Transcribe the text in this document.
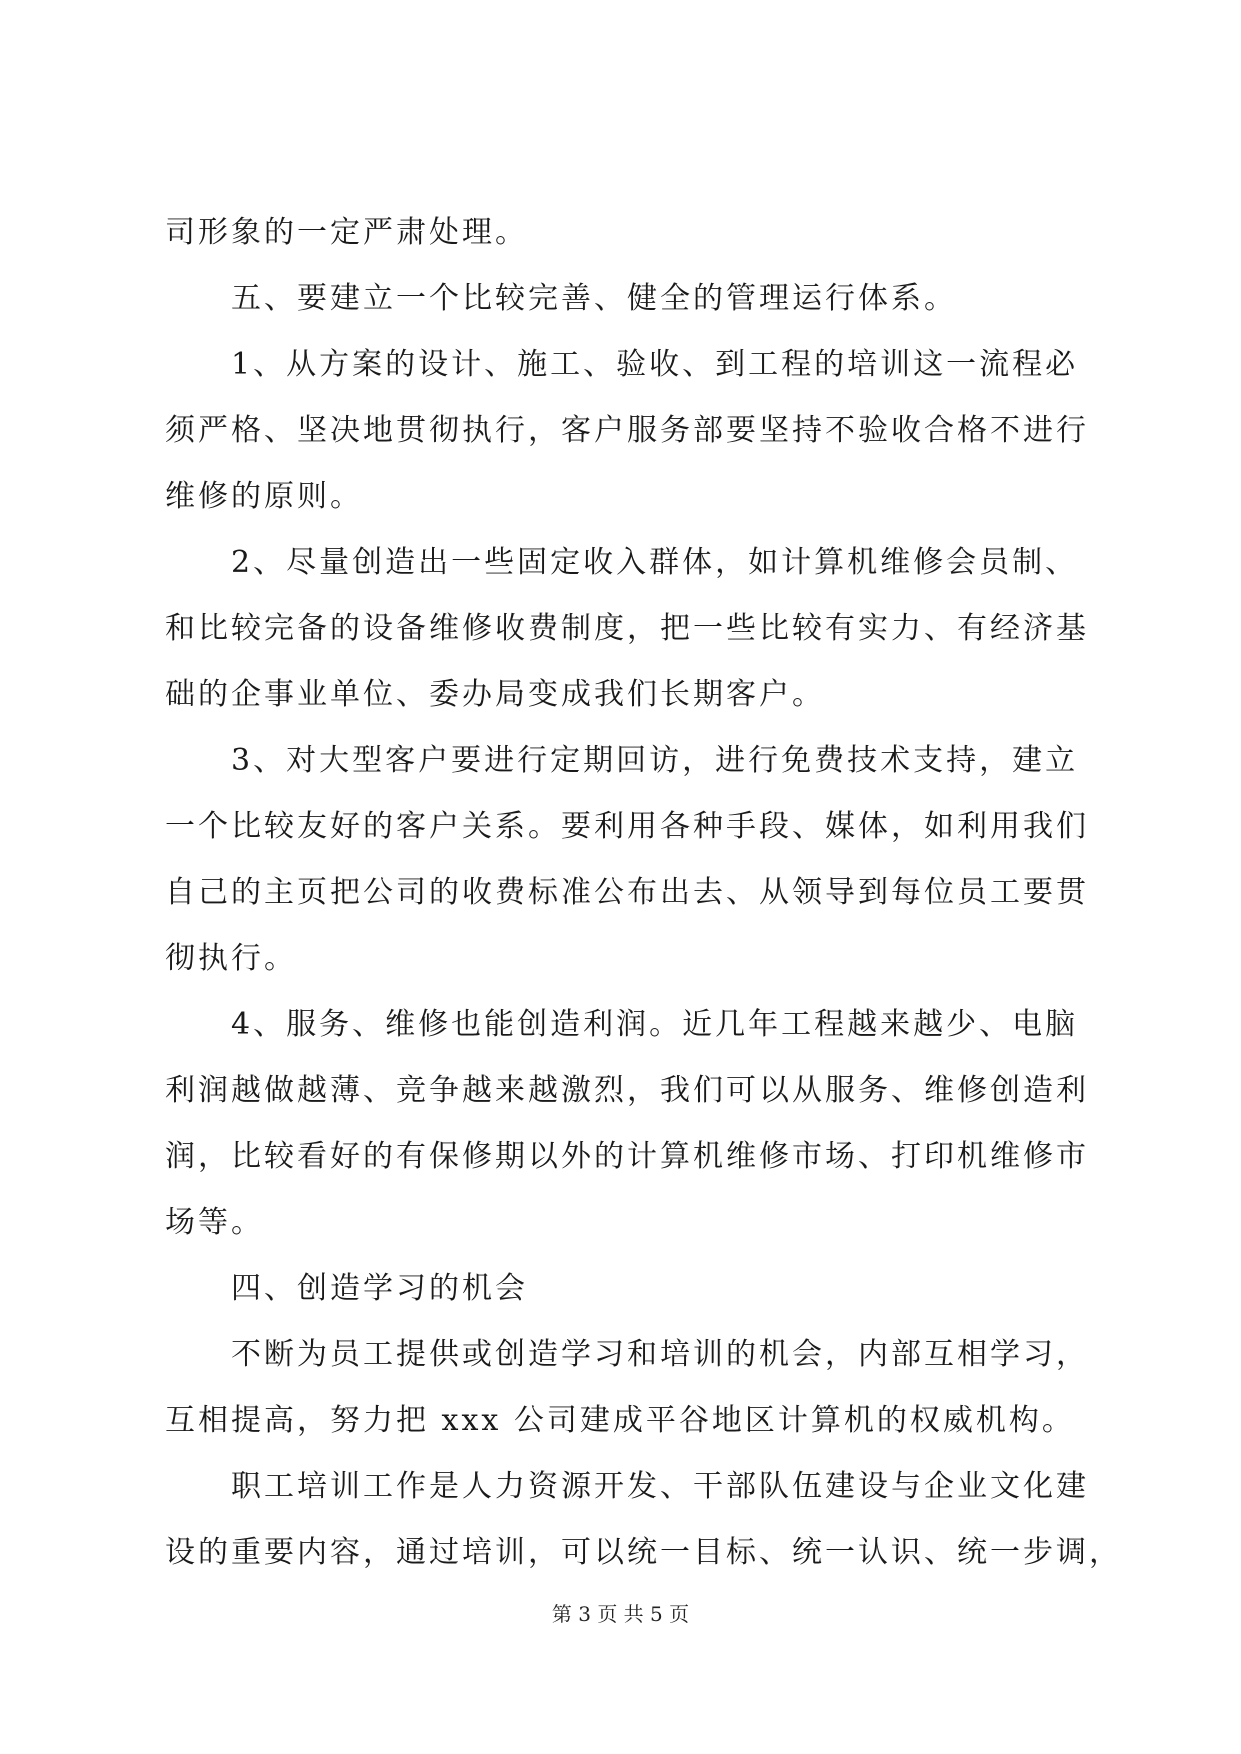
司形象的一定严肃处理。
五、要建立一个比较完善、健全的管理运行体系。
1、从方案的设计、施工、验收、到工程的培训这一流程必
须严格、坚决地贯彻执行，客户服务部要坚持不验收合格不进行
维修的原则。
2、尽量创造出一些固定收入群体，如计算机维修会员制、
和比较完备的设备维修收费制度，把一些比较有实力、有经济基
础的企事业单位、委办局变成我们长期客户。
3、对大型客户要进行定期回访，进行免费技术支持，建立
一个比较友好的客户关系。要利用各种手段、媒体，如利用我们
自己的主页把公司的收费标准公布出去、从领导到每位员工要贯
彻执行。
4、服务、维修也能创造利润。近几年工程越来越少、电脑
利润越做越薄、竞争越来越激烈，我们可以从服务、维修创造利
润，比较看好的有保修期以外的计算机维修市场、打印机维修市
场等。
四、创造学习的机会
不断为员工提供或创造学习和培训的机会，内部互相学习，
互相提高，努力把 xxx 公司建成平谷地区计算机的权威机构。
职工培训工作是人力资源开发、干部队伍建设与企业文化建
设的重要内容，通过培训，可以统一目标、统一认识、统一步调，
第 3 页 共 5 页
